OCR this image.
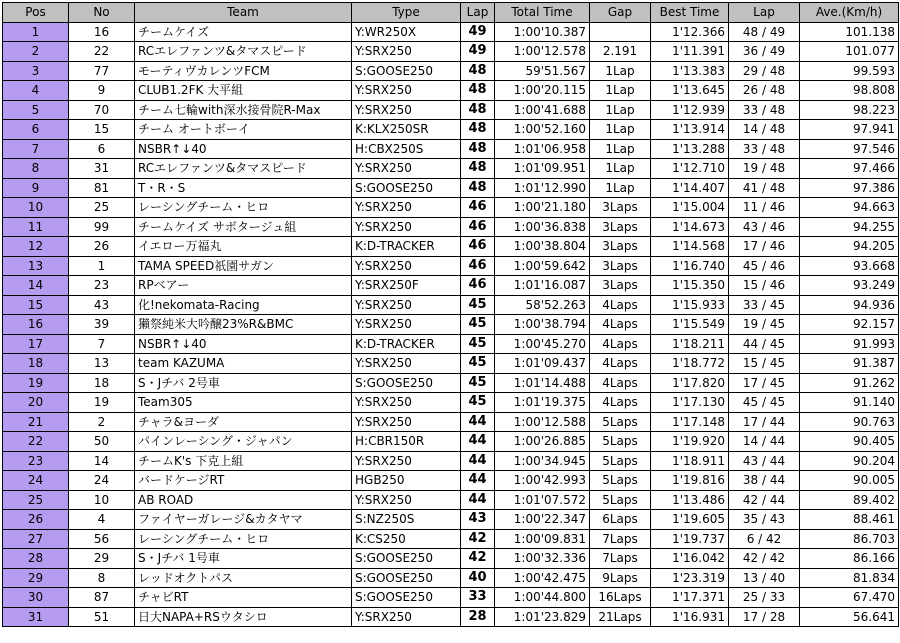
Pos	No	Team	Type	Lap	Total Time	Gap	Best Time	Lap	Ave.(Km/h)
1	16	チームケイズ	Y:WR250X	49	1:00'10.387		1'12.366	48 / 49	101.138
2	22	RCエレファンツ&タマスピード	Y:SRX250	49	1:00'12.578	2.191	1'11.391	36 / 49	101.077
3	77	モーティヴカレンツFCM	S:GOOSE250	48	59'51.567	1Lap	1'13.383	29 / 48	99.593
4	9	CLUB1.2FK 大平組	Y:SRX250	48	1:00'20.115	1Lap	1'13.645	26 / 48	98.808
5	70	チーム七輪with深水接骨院R-Max	Y:SRX250	48	1:00'41.688	1Lap	1'12.939	33 / 48	98.223
6	15	チーム オートボーイ	K:KLX250SR	48	1:00'52.160	1Lap	1'13.914	14 / 48	97.941
7	6	NSBR↑↓40	H:CBX250S	48	1:01'06.958	1Lap	1'13.288	33 / 48	97.546
8	31	RCエレファンツ&タマスピード	Y:SRX250	48	1:01'09.951	1Lap	1'12.710	19 / 48	97.466
9	81	T・R・S	S:GOOSE250	48	1:01'12.990	1Lap	1'14.407	41 / 48	97.386
10	25	レーシングチーム・ヒロ	Y:SRX250	46	1:00'21.180	3Laps	1'15.004	11 / 46	94.663
11	99	チームケイズ サボタージュ組	Y:SRX250	46	1:00'36.838	3Laps	1'14.673	43 / 46	94.255
12	26	イエロー万福丸	K:D-TRACKER	46	1:00'38.804	3Laps	1'14.568	17 / 46	94.205
13	1	TAMA SPEED祇園サガン	Y:SRX250	46	1:00'59.642	3Laps	1'16.740	45 / 46	93.668
14	23	RPベアー	Y:SRX250F	46	1:01'16.087	3Laps	1'15.350	15 / 46	93.249
15	43	化!nekomata-Racing	Y:SRX250	45	58'52.263	4Laps	1'15.933	33 / 45	94.936
16	39	獺祭純米大吟醸23%R&BMC	Y:SRX250	45	1:00'38.794	4Laps	1'15.549	19 / 45	92.157
17	7	NSBR↑↓40	K:D-TRACKER	45	1:00'45.270	4Laps	1'18.211	44 / 45	91.993
18	13	team KAZUMA	Y:SRX250	45	1:01'09.437	4Laps	1'18.772	15 / 45	91.387
19	18	S・Jチバ 2号車	S:GOOSE250	45	1:01'14.488	4Laps	1'17.820	17 / 45	91.262
20	19	Team305	Y:SRX250	45	1:01'19.375	4Laps	1'17.130	45 / 45	91.140
21	2	チャラ&ヨーダ	Y:SRX250	44	1:00'12.588	5Laps	1'17.148	17 / 44	90.763
22	50	パインレーシング・ジャパン	H:CBR150R	44	1:00'26.885	5Laps	1'19.920	14 / 44	90.405
23	14	チームK's 下克上組	Y:SRX250	44	1:00'34.945	5Laps	1'18.911	43 / 44	90.204
24	24	バードケージRT	HGB250	44	1:00'42.993	5Laps	1'19.816	38 / 44	90.005
25	10	AB ROAD	Y:SRX250	44	1:01'07.572	5Laps	1'13.486	42 / 44	89.402
26	4	ファイヤーガレージ&カタヤマ	S:NZ250S	43	1:00'22.347	6Laps	1'19.605	35 / 43	88.461
27	56	レーシングチーム・ヒロ	K:CS250	42	1:00'09.831	7Laps	1'19.737	6 / 42	86.703
28	29	S・Jチバ 1号車	S:GOOSE250	42	1:00'32.336	7Laps	1'16.042	42 / 42	86.166
29	8	レッドオクトパス	S:GOOSE250	40	1:00'42.475	9Laps	1'23.319	13 / 40	81.834
30	87	チャビRT	S:GOOSE250	33	1:00'44.800	16Laps	1'17.371	25 / 33	67.470
31	51	日大NAPA+RSウタシロ	Y:SRX250	28	1:01'23.829	21Laps	1'16.931	17 / 28	56.641
